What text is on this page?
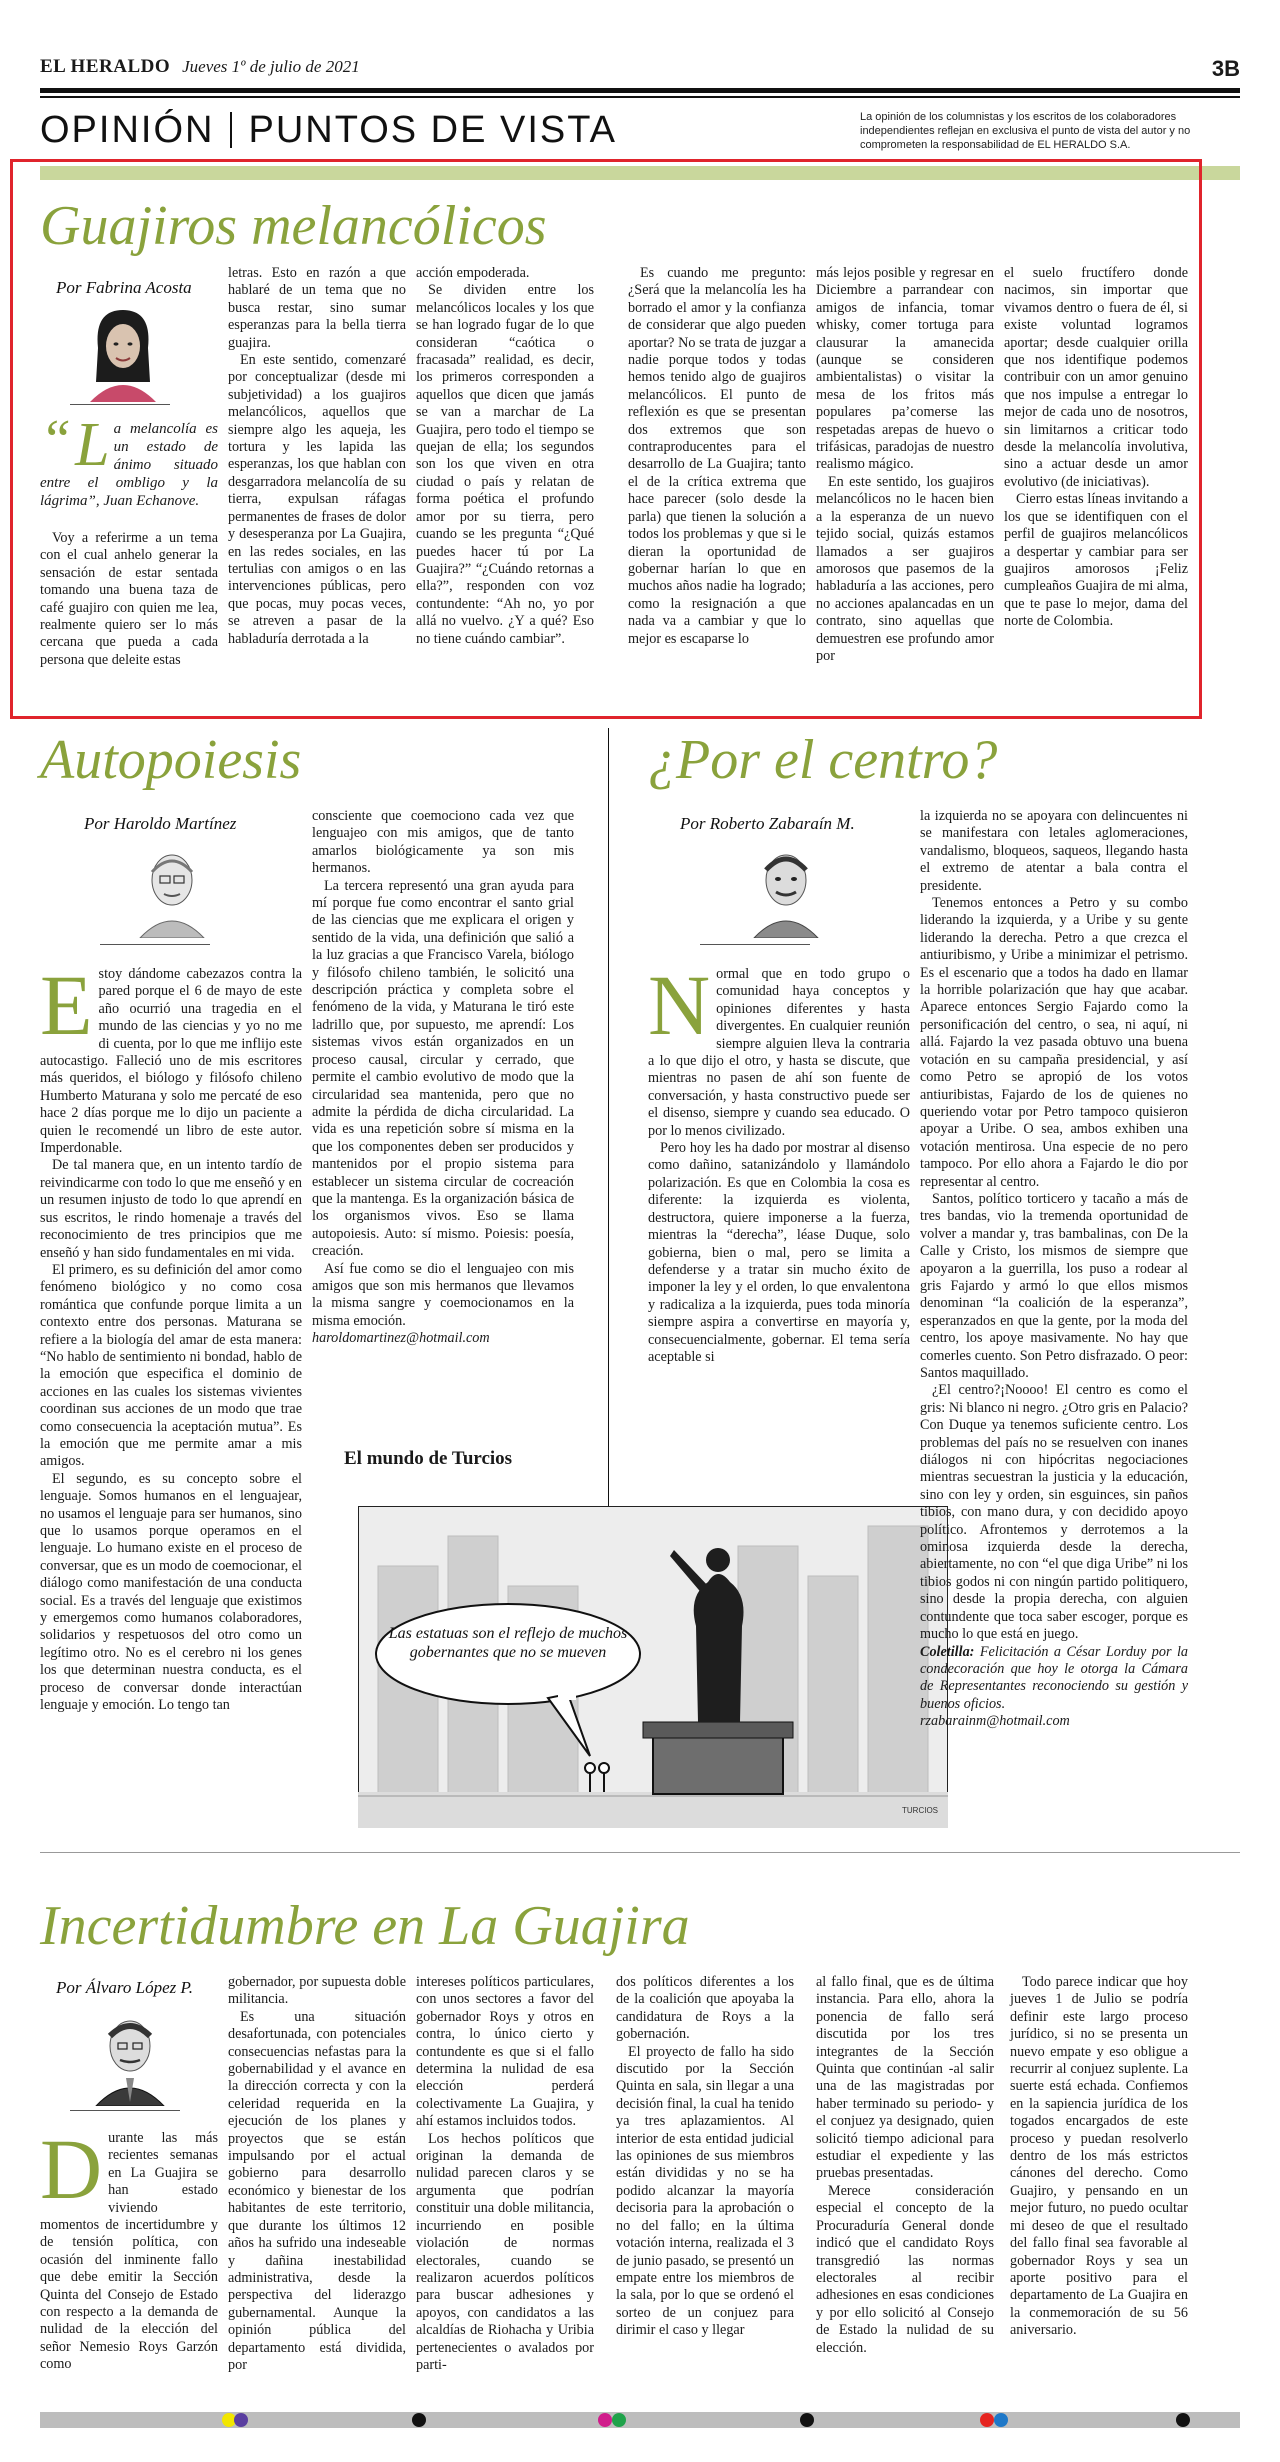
EL HERALDO Jueves 1º de julio de 2021	3B
OPINIÓN PUNTOS DE VISTA	La opinión de los columnistas y los escritos de los colaboradores independientes reflejan en exclusiva el punto de vista del autor y no comprometen la responsabilidad de EL HERALDO S.A.
Guajiros melancólicos
Por Fabrina Acosta
“ L a melancolía es un estado de ánimo situado entre el ombligo y la lágrima”, Juan Echanove.

Voy a referirme a un tema con el cual anhelo generar la sensación de estar sentada tomando una buena taza de café guajiro con quien me lea, realmente quiero ser lo más cercana que pueda a cada persona que deleite estas

letras. Esto en razón a que hablaré de un tema que no busca restar, sino sumar esperanzas para la bella tierra guajira.

En este sentido, comenzaré por conceptualizar (desde mi subjetividad) a los guajiros melancólicos, aquellos que siempre algo les aqueja, les tortura y les lapida las esperanzas, los que hablan con desgarradora melancolía de su tierra, expulsan ráfagas permanentes de frases de dolor y desesperanza por La Guajira, en las redes sociales, en las tertulias con amigos o en las intervenciones públicas, pero que pocas, muy pocas veces, se atreven a pasar de la habladuría derrotada a la

acción empoderada.

Se dividen entre los melancólicos locales y los que se han logrado fugar de lo que consideran “caótica o fracasada” realidad, es decir, los primeros corresponden a aquellos que dicen que jamás se van a marchar de La Guajira, pero todo el tiempo se quejan de ella; los segundos son los que viven en otra ciudad o país y relatan de forma poética el profundo amor por su tierra, pero cuando se les pregunta “¿Qué puedes hacer tú por La Guajira?” “¿Cuándo retornas a ella?”, responden con voz contundente: “Ah no, yo por allá no vuelvo. ¿Y a qué? Eso no tiene cuándo cambiar”.

Es cuando me pregunto: ¿Será que la melancolía les ha borrado el amor y la confianza de considerar que algo pueden aportar? No se trata de juzgar a nadie porque todos y todas hemos tenido algo de guajiros melancólicos. El punto de reflexión es que se presentan dos extremos que son contraproducentes para el desarrollo de La Guajira; tanto el de la crítica extrema que hace parecer (solo desde la parla) que tienen la solución a todos los problemas y que si le dieran la oportunidad de gobernar harían lo que en muchos años nadie ha logrado; como la resignación a que nada va a cambiar y que lo mejor es escaparse lo

más lejos posible y regresar en Diciembre a parrandear con amigos de infancia, tomar whisky, comer tortuga para clausurar la amanecida (aunque se consideren ambientalistas) o visitar la mesa de los fritos más populares pa’comerse las respetadas arepas de huevo o trifásicas, paradojas de nuestro realismo mágico.

En este sentido, los guajiros melancólicos no le hacen bien a la esperanza de un nuevo tejido social, quizás estamos llamados a ser guajiros amorosos que pasemos de la habladuría a las acciones, pero no acciones apalancadas en un contrato, sino aquellas que demuestren ese profundo amor por

el suelo fructífero donde nacimos, sin importar que vivamos dentro o fuera de él, si existe voluntad logramos aportar; desde cualquier orilla que nos identifique podemos contribuir con un amor genuino que nos impulse a entregar lo mejor de cada uno de nosotros, sin limitarnos a criticar todo desde la melancolía involutiva, sino a actuar desde un amor evolutivo (de iniciativas).

Cierro estas líneas invitando a los que se identifiquen con el perfil de guajiros melancólicos a despertar y cambiar para ser guajiros amorosos ¡Feliz cumpleaños Guajira de mi alma, que te pase lo mejor, dama del norte de Colombia.

Autopoiesis
Por Haroldo Martínez

Estoy dándome cabezazos contra la pared porque el 6 de mayo de este año ocurrió una tragedia en el mundo de las ciencias y yo no me di cuenta, por lo que me inflijo este autocastigo. Falleció uno de mis escritores más queridos, el biólogo y filósofo chileno Humberto Maturana y solo me percaté de eso hace 2 días porque me lo dijo un paciente a quien le recomendé un libro de este autor. Imperdonable.

De tal manera que, en un intento tardío de reivindicarme con todo lo que me enseñó y en un resumen injusto de todo lo que aprendí en sus escritos, le rindo homenaje a través del reconocimiento de tres principios que me enseñó y han sido fundamentales en mi vida.

El primero, es su definición del amor como fenómeno biológico y no como cosa romántica que confunde porque limita a un contexto entre dos personas. Maturana se refiere a la biología del amar de esta manera: “No hablo de sentimiento ni bondad, hablo de la emoción que especifica el dominio de acciones en las cuales los sistemas vivientes coordinan sus acciones de un modo que trae como consecuencia la aceptación mutua”. Es la emoción que me permite amar a mis amigos.

El segundo, es su concepto sobre el lenguaje. Somos humanos en el lenguajear, no usamos el lenguaje para ser humanos, sino que lo usamos porque operamos en el lenguaje. Lo humano existe en el proceso de conversar, que es un modo de coemocionar, el diálogo como manifestación de una conducta social. Es a través del lenguaje que existimos y emergemos como humanos colaboradores, solidarios y respetuosos del otro como un legítimo otro. No es el cerebro ni los genes los que determinan nuestra conducta, es el proceso de conversar donde interactúan lenguaje y emoción. Lo tengo tan

consciente que coemociono cada vez que lenguajeo con mis amigos, que de tanto amarlos biológicamente ya son mis hermanos.

La tercera representó una gran ayuda para mí porque fue como encontrar el santo grial de las ciencias que me explicara el origen y sentido de la vida, una definición que salió a la luz gracias a que Francisco Varela, biólogo y filósofo chileno también, le solicitó una descripción práctica y completa sobre el fenómeno de la vida, y Maturana le tiró este ladrillo que, por supuesto, me aprendí: Los sistemas vivos están organizados en un proceso causal, circular y cerrado, que permite el cambio evolutivo de modo que la circularidad sea mantenida, pero que no admite la pérdida de dicha circularidad. La vida es una repetición sobre sí misma en la que los componentes deben ser producidos y mantenidos por el propio sistema para establecer un sistema circular de cocreación que la mantenga. Es la organización básica de los organismos vivos. Eso se llama autopoiesis. Auto: sí mismo. Poiesis: poesía, creación.

Así fue como se dio el lenguajeo con mis amigos que son mis hermanos que llevamos la misma sangre y coemocionamos en la misma emoción.

haroldomartinez@hotmail.com

El mundo de Turcios
Las estatuas son el reflejo de muchos gobernantes que no se mueven
TURCIOS
¿Por el centro?
Por Roberto Zabaraín M.

Normal que en todo grupo o comunidad haya conceptos y opiniones diferentes y hasta divergentes. En cualquier reunión siempre alguien lleva la contraria a lo que dijo el otro, y hasta se discute, que mientras no pasen de ahí son fuente de conversación, y hasta constructivo puede ser el disenso, siempre y cuando sea educado. O por lo menos civilizado.

Pero hoy les ha dado por mostrar al disenso como dañino, satanizándolo y llamándolo polarización. Es que en Colombia la cosa es diferente: la izquierda es violenta, destructora, quiere imponerse a la fuerza, mientras la “derecha”, léase Duque, solo gobierna, bien o mal, pero se limita a defenderse y a tratar sin mucho éxito de imponer la ley y el orden, lo que envalentona y radicaliza a la izquierda, pues toda minoría siempre aspira a convertirse en mayoría y, consecuencialmente, gobernar. El tema sería aceptable si

la izquierda no se apoyara con delincuentes ni se manifestara con letales aglomeraciones, vandalismo, bloqueos, saqueos, llegando hasta el extremo de atentar a bala contra el presidente.

Tenemos entonces a Petro y su combo liderando la izquierda, y a Uribe y su gente liderando la derecha. Petro a que crezca el antiuribismo, y Uribe a minimizar el petrismo. Es el escenario que a todos ha dado en llamar la horrible polarización que hay que acabar. Aparece entonces Sergio Fajardo como la personificación del centro, o sea, ni aquí, ni allá. Fajardo la vez pasada obtuvo una buena votación en su campaña presidencial, y así como Petro se apropió de los votos antiuribistas, Fajardo de los de quienes no queriendo votar por Petro tampoco quisieron apoyar a Uribe. O sea, ambos exhiben una votación mentirosa. Una especie de no pero tampoco. Por ello ahora a Fajardo le dio por representar al centro.

Santos, político torticero y tacaño a más de tres bandas, vio la tremenda oportunidad de volver a mandar y, tras bambalinas, con De la Calle y Cristo, los mismos de siempre que apoyaron a la guerrilla, los puso a rodear al gris Fajardo y armó lo que ellos mismos denominan “la coalición de la esperanza”, esperanzados en que la gente, por la moda del centro, los apoye masivamente. No hay que comerles cuento. Son Petro disfrazado. O peor: Santos maquillado.

¿El centro?¡Noooo! El centro es como el gris: Ni blanco ni negro. ¿Otro gris en Palacio? Con Duque ya tenemos suficiente centro. Los problemas del país no se resuelven con inanes diálogos ni con hipócritas negociaciones mientras secuestran la justicia y la educación, sino con ley y orden, sin esguinces, sin paños tibios, con mano dura, y con decidido apoyo político. Afrontemos y derrotemos a la ominosa izquierda desde la derecha, abiertamente, no con “el que diga Uribe” ni los tibios godos ni con ningún partido politiquero, sino desde la propia derecha, con alguien contundente que toca saber escoger, porque es mucho lo que está en juego.

Coletilla: Felicitación a César Lorduy por la condecoración que hoy le otorga la Cámara de Representantes reconociendo su gestión y buenos oficios.

rzabarainm@hotmail.com

Incertidumbre en La Guajira
Por Álvaro López P.

Durante las más recientes semanas en La Guajira se han estado viviendo momentos de incertidumbre y de tensión política, con ocasión del inminente fallo que debe emitir la Sección Quinta del Consejo de Estado con respecto a la demanda de nulidad de la elección del señor Nemesio Roys Garzón como

gobernador, por supuesta doble militancia.

Es una situación desafortunada, con potenciales consecuencias nefastas para la gobernabilidad y el avance en la dirección correcta y con la celeridad requerida en la ejecución de los planes y proyectos que se están impulsando por el actual gobierno para desarrollo económico y bienestar de los habitantes de este territorio, que durante los últimos 12 años ha sufrido una indeseable y dañina inestabilidad administrativa, desde la perspectiva del liderazgo gubernamental. Aunque la opinión pública del departamento está dividida, por

intereses políticos particulares, con unos sectores a favor del gobernador Roys y otros en contra, lo único cierto y contundente es que si el fallo determina la nulidad de esa elección perderá colectivamente La Guajira, y ahí estamos incluidos todos.

Los hechos políticos que originan la demanda de nulidad parecen claros y se argumenta que podrían constituir una doble militancia, incurriendo en posible violación de normas electorales, cuando se realizaron acuerdos políticos para buscar adhesiones y apoyos, con candidatos a las alcaldías de Riohacha y Uribia pertenecientes o avalados por parti-

dos políticos diferentes a los de la coalición que apoyaba la candidatura de Roys a la gobernación.

El proyecto de fallo ha sido discutido por la Sección Quinta en sala, sin llegar a una decisión final, la cual ha tenido ya tres aplazamientos. Al interior de esta entidad judicial las opiniones de sus miembros están divididas y no se ha podido alcanzar la mayoría decisoria para la aprobación o no del fallo; en la última votación interna, realizada el 3 de junio pasado, se presentó un empate entre los miembros de la sala, por lo que se ordenó el sorteo de un conjuez para dirimir el caso y llegar

al fallo final, que es de última instancia. Para ello, ahora la ponencia de fallo será discutida por los tres integrantes de la Sección Quinta que continúan -al salir una de las magistradas por haber terminado su periodo- y el conjuez ya designado, quien solicitó tiempo adicional para estudiar el expediente y las pruebas presentadas.

Merece consideración especial el concepto de la Procuraduría General donde indicó que el candidato Roys transgredió las normas electorales al recibir adhesiones en esas condiciones y por ello solicitó al Consejo de Estado la nulidad de su elección.

Todo parece indicar que hoy jueves 1 de Julio se podría definir este largo proceso jurídico, si no se presenta un nuevo empate y eso obligue a recurrir al conjuez suplente. La suerte está echada. Confiemos en la sapiencia jurídica de los togados encargados de este proceso y puedan resolverlo dentro de los más estrictos cánones del derecho. Como Guajiro, y pensando en un mejor futuro, no puedo ocultar mi deseo de que el resultado del fallo final sea favorable al gobernador Roys y sea un aporte positivo para el departamento de La Guajira en la conmemoración de su 56 aniversario.
